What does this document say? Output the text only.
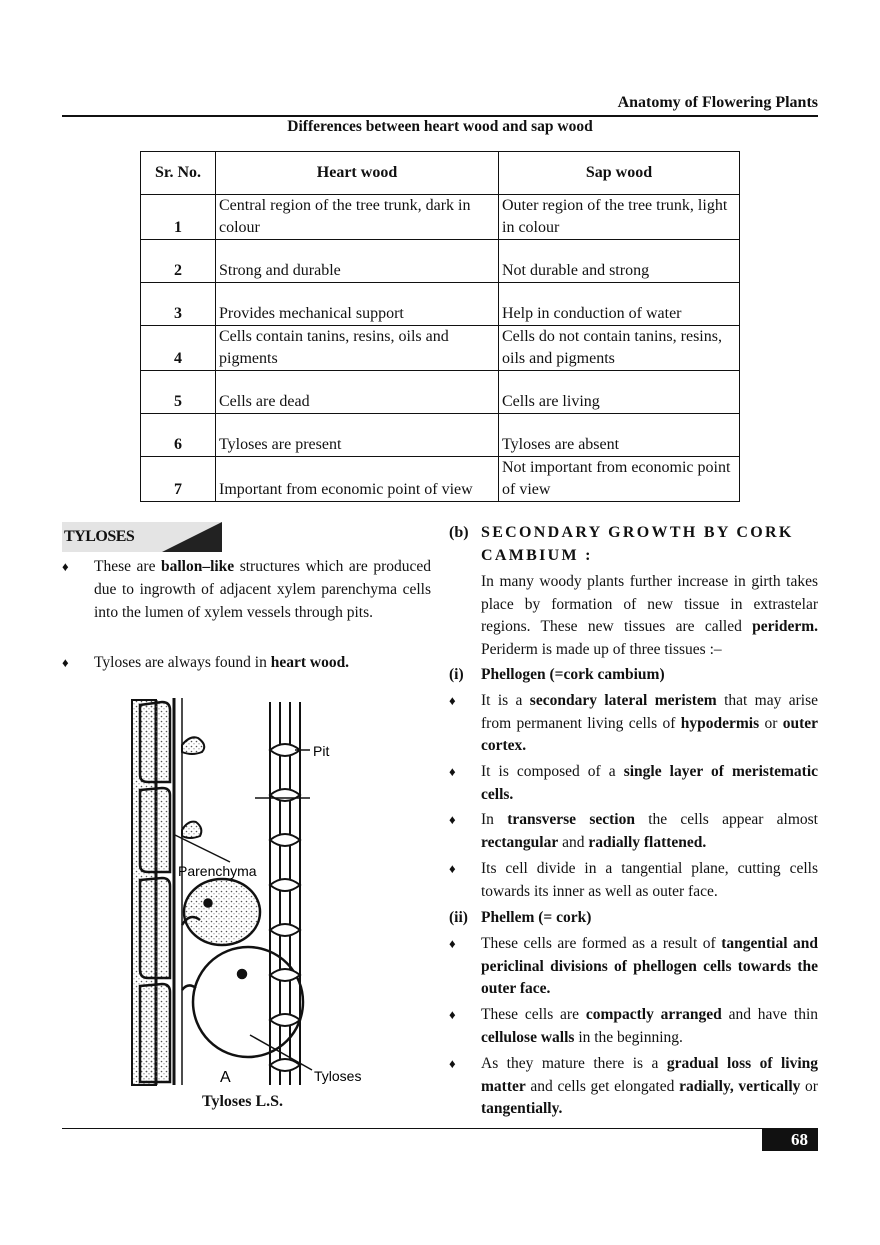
Anatomy of Flowering Plants
Differences between heart wood and sap wood
Sr. No.	Heart wood	Sap wood
1	Central region of the tree trunk, dark in colour	Outer region of the tree trunk, light in colour
2	Strong and durable	Not durable and strong
3	Provides mechanical support	Help in conduction of water
4	Cells contain tanins, resins, oils and pigments	Cells do not contain tanins, resins, oils and pigments
5	Cells are dead	Cells are living
6	Tyloses are present	Tyloses are absent
7	Important from economic point of view	Not important from economic point of view
TYLOSES
♦ These are ballon–like structures which are produced due to ingrowth of adjacent xylem parenchyma cells into the lumen of xylem vessels through pits.
♦ Tyloses are always found in heart wood.
Pit
Parenchyma
A	Tyloses
Tyloses L.S.
(b) SECONDARY GROWTH BY CORK CAMBIUM :
In many woody plants further increase in girth takes place by formation of new tissue in extrastelar regions. These new tissues are called periderm. Periderm is made up of three tissues :–
(i) Phellogen (=cork cambium)
♦ It is a secondary lateral meristem that may arise from permanent living cells of hypodermis or outer cortex.
♦ It is composed of a single layer of meristematic cells.
♦ In transverse section the cells appear almost rectangular and radially flattened.
♦ Its cell divide in a tangential plane, cutting cells towards its inner as well as outer face.
(ii) Phellem (= cork)
♦ These cells are formed as a result of tangential and periclinal divisions of phellogen cells towards the outer face.
♦ These cells are compactly arranged and have thin cellulose walls in the beginning.
♦ As they mature there is a gradual loss of living matter and cells get elongated radially, vertically or tangentially.
68
